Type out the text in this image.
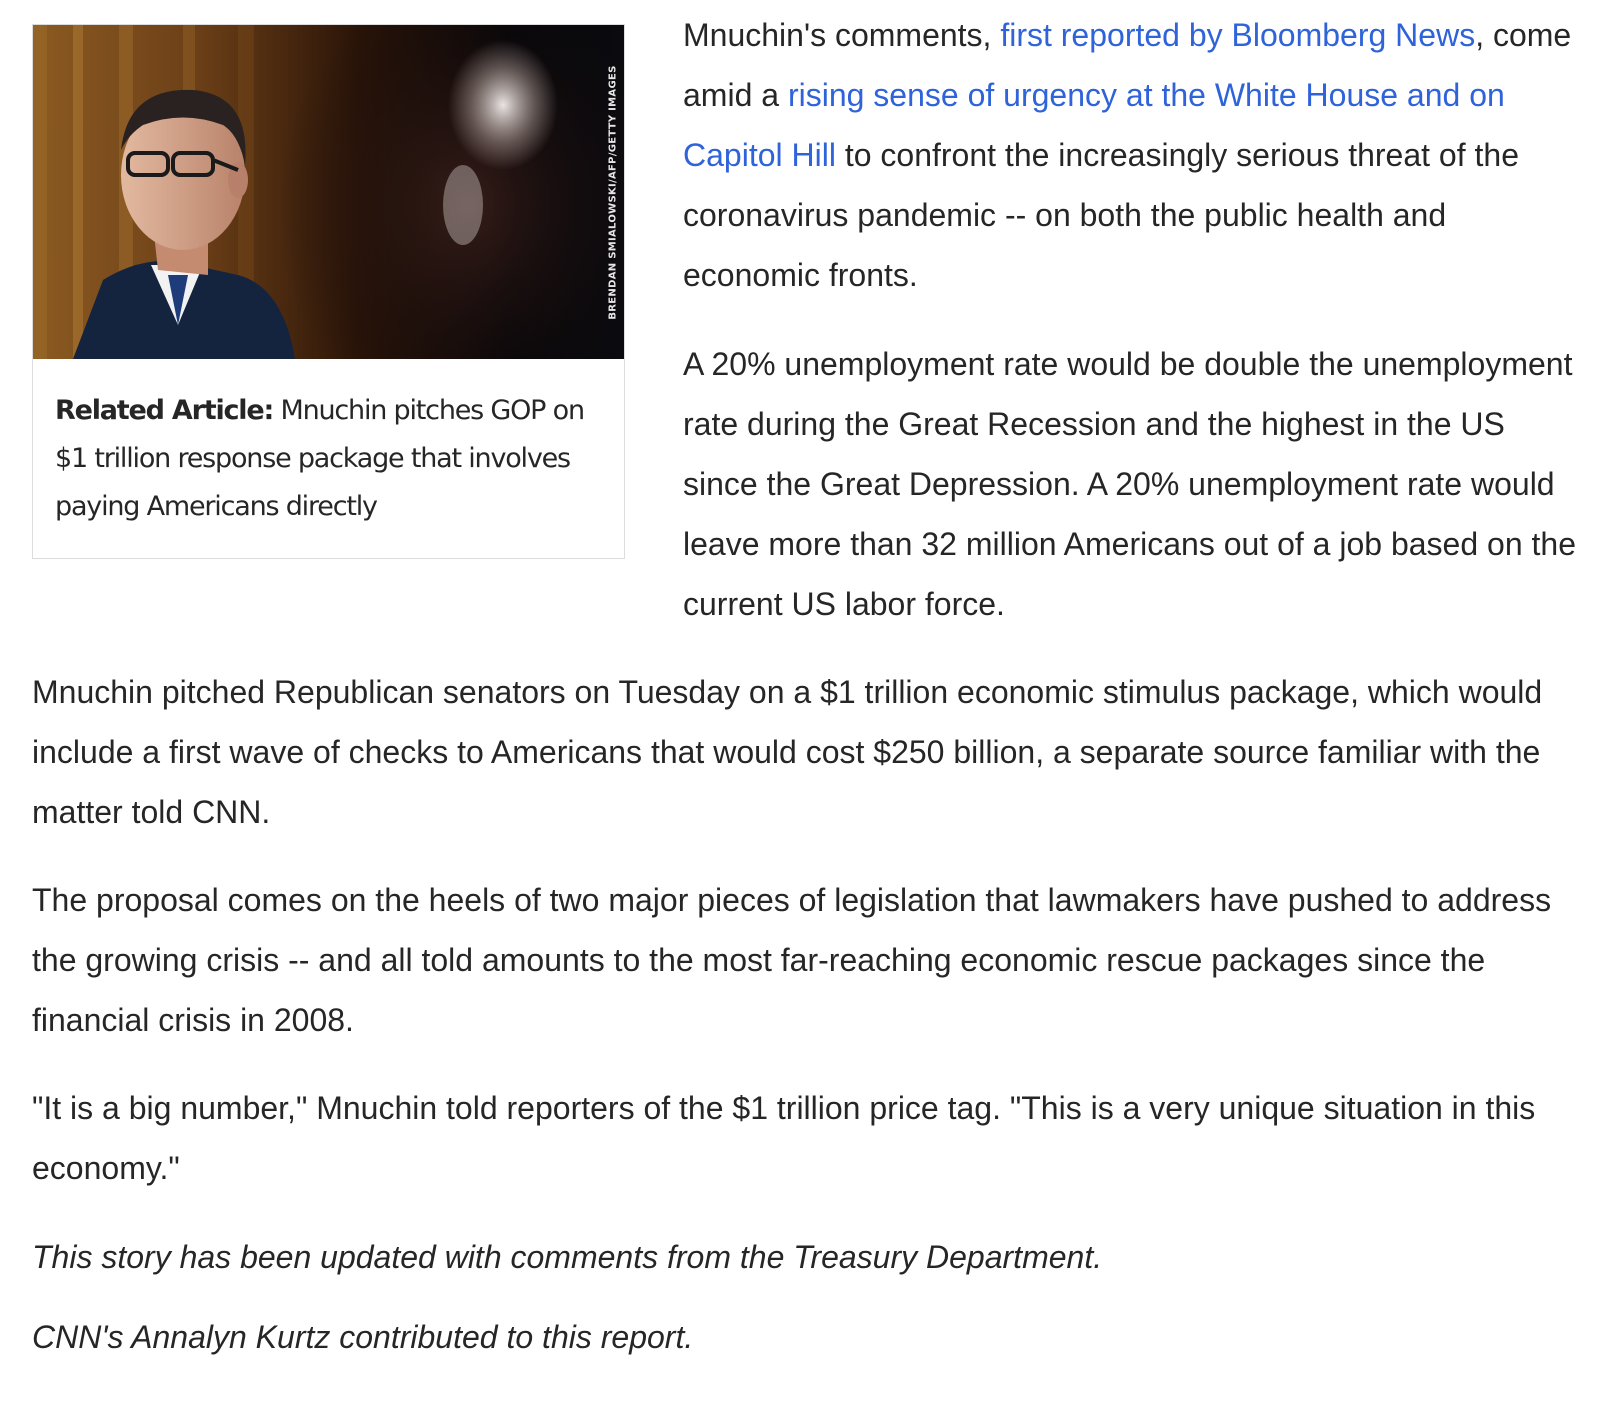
BRENDAN SMIALOWSKI/AFP/GETTY IMAGES
Related Article: Mnuchin pitches GOP on $1 trillion response package that involves paying Americans directly

Mnuchin's comments, first reported by Bloomberg News, come amid a rising sense of urgency at the White House and on Capitol Hill to confront the increasingly serious threat of the coronavirus pandemic -- on both the public health and economic fronts.

A 20% unemployment rate would be double the unemployment rate during the Great Recession and the highest in the US since the Great Depression. A 20% unemployment rate would leave more than 32 million Americans out of a job based on the current US labor force.

Mnuchin pitched Republican senators on Tuesday on a $1 trillion economic stimulus package, which would include a first wave of checks to Americans that would cost $250 billion, a separate source familiar with the matter told CNN.

The proposal comes on the heels of two major pieces of legislation that lawmakers have pushed to address the growing crisis -- and all told amounts to the most far-reaching economic rescue packages since the financial crisis in 2008.

"It is a big number," Mnuchin told reporters of the $1 trillion price tag. "This is a very unique situation in this economy."

This story has been updated with comments from the Treasury Department.

CNN's Annalyn Kurtz contributed to this report.
